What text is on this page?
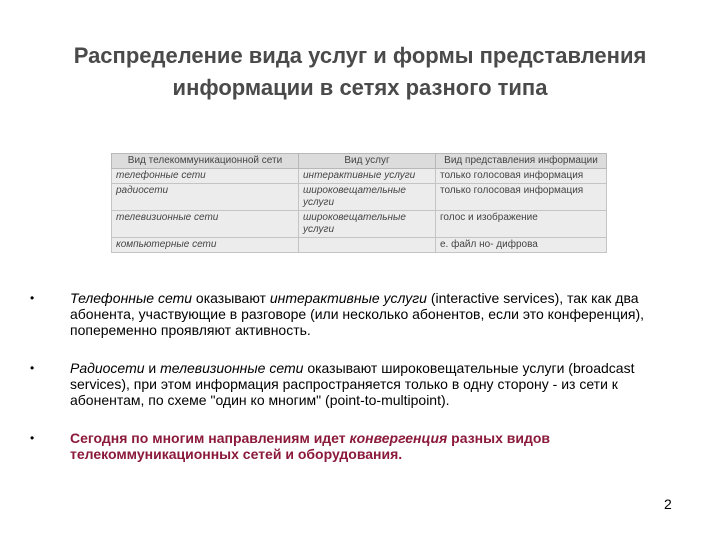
Распределение вида услуг и формы представления
информации в сетях разного типа
Вид телекоммуникационной сети	Вид услуг	Вид представления информации
телефонные сети	интерактивные услуги	только голосовая информация
радиосети	широковещательные услуги	только голосовая информация
телевизионные сети	широковещательные услуги	голос и изображение
компьютерные сети		е. файл но- дифрова
•	Телефонные сети оказывают интерактивные услуги (interactive services), так как два абонента, участвующие в разговоре (или несколько абонентов, если это конференция), попеременно проявляют активность.
•	Радиосети и телевизионные сети оказывают широковещательные услуги (broadcast services), при этом информация распространяется только в одну сторону - из сети к абонентам, по схеме "один ко многим" (point-to-multipoint).
•	Сегодня по многим направлениям идет конвергенция разных видов телекоммуникационных сетей и оборудования.
2
